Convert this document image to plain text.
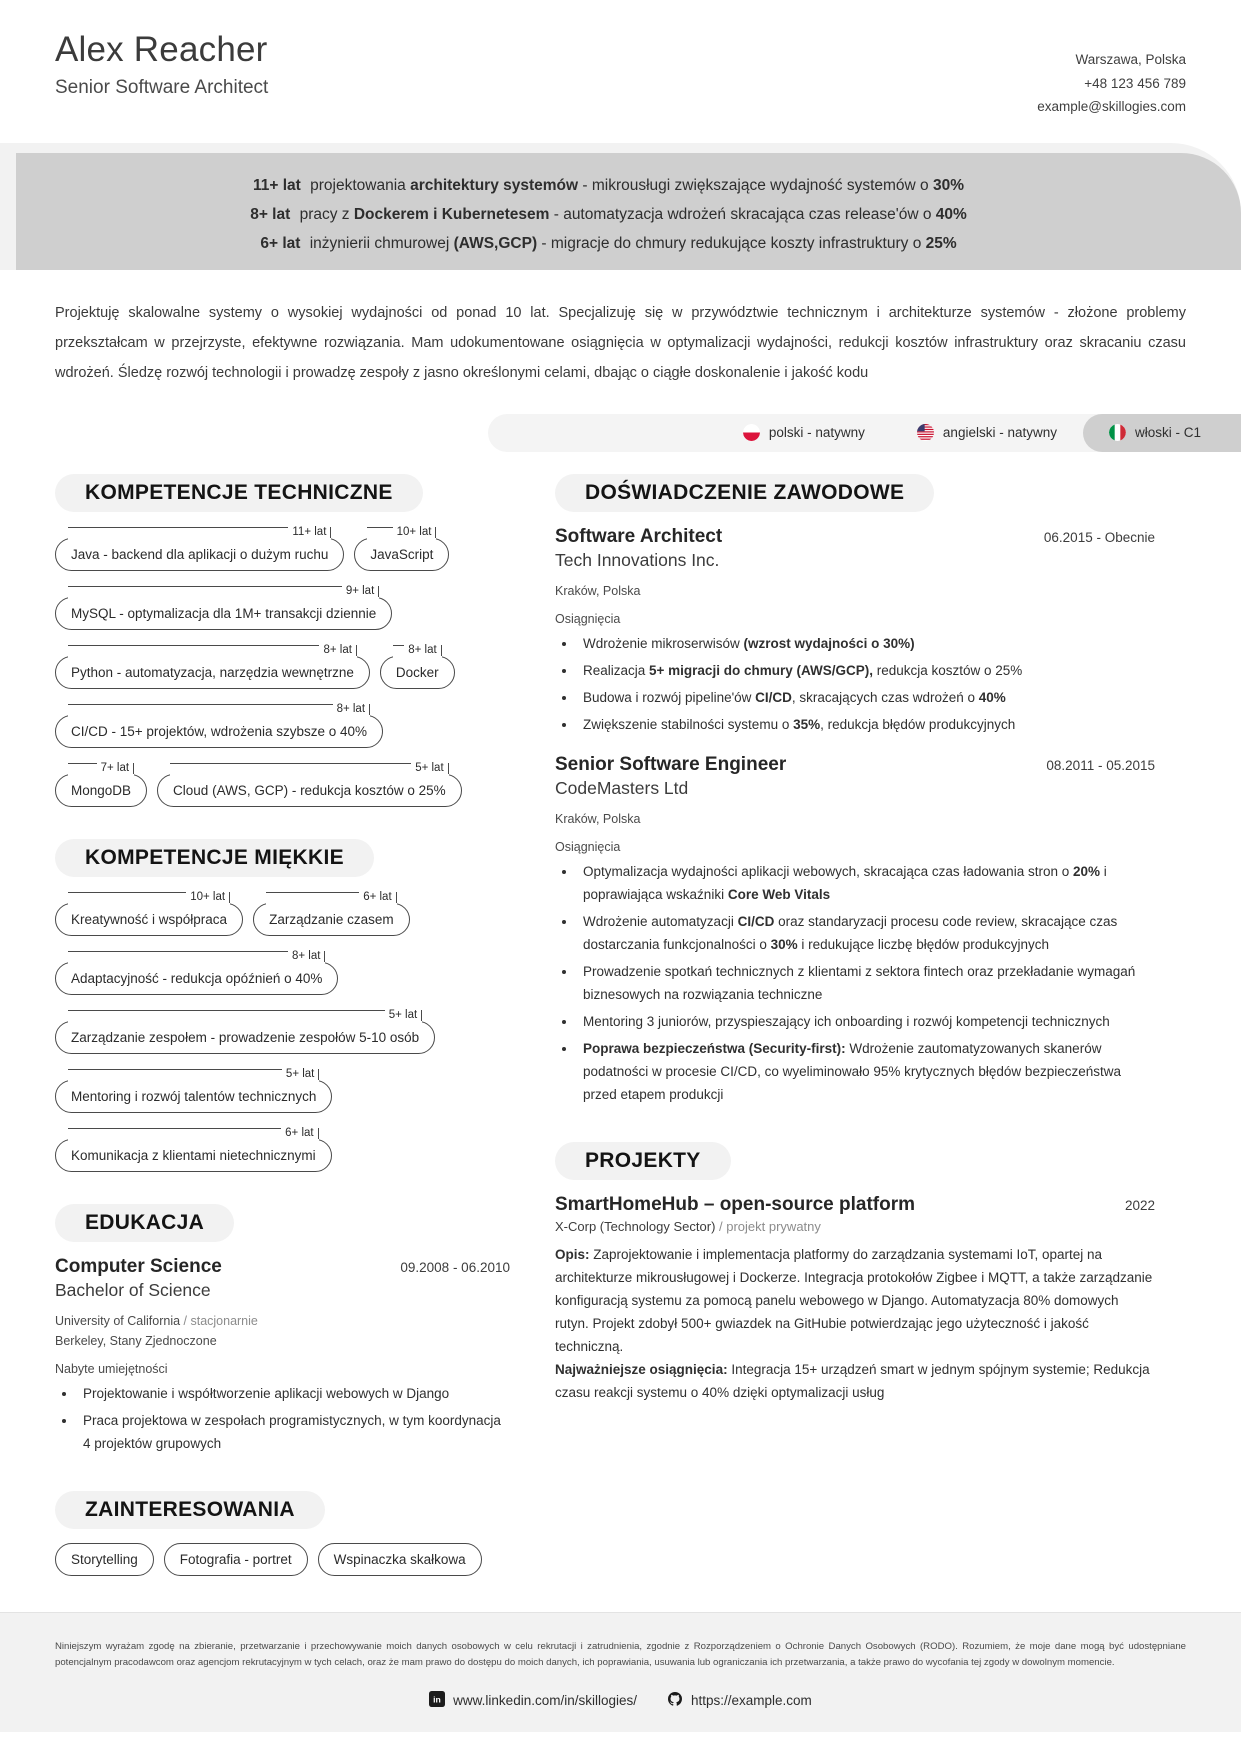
Alex Reacher
Senior Software Architect
Warszawa, Polska
+48 123 456 789
example@skillogies.com
11+ lat projektowania architektury systemów - mikrousługi zwiększające wydajność systemów o 30%
8+ lat pracy z Dockerem i Kubernetesem - automatyzacja wdrożeń skracająca czas release'ów o 40%
6+ lat inżynierii chmurowej (AWS,GCP) - migracje do chmury redukujące koszty infrastruktury o 25%
Projektuję skalowalne systemy o wysokiej wydajności od ponad 10 lat. Specjalizuję się w przywództwie technicznym i architekturze systemów - złożone problemy przekształcam w przejrzyste, efektywne rozwiązania. Mam udokumentowane osiągnięcia w optymalizacji wydajności, redukcji kosztów infrastruktury oraz skracaniu czasu wdrożeń. Śledzę rozwój technologii i prowadzę zespoły z jasno określonymi celami, dbając o ciągłe doskonalenie i jakość kodu
polski - natywny	angielski - natywny	włoski - C1
KOMPETENCJE TECHNICZNE
11+ lat
Java - backend dla aplikacji o dużym ruchu
10+ lat
JavaScript
9+ lat
MySQL - optymalizacja dla 1M+ transakcji dziennie
8+ lat
Python - automatyzacja, narzędzia wewnętrzne
8+ lat
Docker
8+ lat
CI/CD - 15+ projektów, wdrożenia szybsze o 40%
7+ lat
MongoDB
5+ lat
Cloud (AWS, GCP) - redukcja kosztów o 25%
KOMPETENCJE MIĘKKIE
10+ lat
Kreatywność i współpraca
6+ lat
Zarządzanie czasem
8+ lat
Adaptacyjność - redukcja opóźnień o 40%
5+ lat
Zarządzanie zespołem - prowadzenie zespołów 5-10 osób
5+ lat
Mentoring i rozwój talentów technicznych
6+ lat
Komunikacja z klientami nietechnicznymi
EDUKACJA
Computer Science	09.2008 - 06.2010
Bachelor of Science
University of California / stacjonarnie
Berkeley, Stany Zjednoczone
Nabyte umiejętności
• Projektowanie i współtworzenie aplikacji webowych w Django
• Praca projektowa w zespołach programistycznych, w tym koordynacja 4 projektów grupowych
ZAINTERESOWANIA
Storytelling	Fotografia - portret	Wspinaczka skałkowa
DOŚWIADCZENIE ZAWODOWE
Software Architect	06.2015 - Obecnie
Tech Innovations Inc.
Kraków, Polska
Osiągnięcia
• Wdrożenie mikroserwisów (wzrost wydajności o 30%)
• Realizacja 5+ migracji do chmury (AWS/GCP), redukcja kosztów o 25%
• Budowa i rozwój pipeline'ów CI/CD, skracających czas wdrożeń o 40%
• Zwiększenie stabilności systemu o 35%, redukcja błędów produkcyjnych
Senior Software Engineer	08.2011 - 05.2015
CodeMasters Ltd
Kraków, Polska
Osiągnięcia
• Optymalizacja wydajności aplikacji webowych, skracająca czas ładowania stron o 20% i poprawiająca wskaźniki Core Web Vitals
• Wdrożenie automatyzacji CI/CD oraz standaryzacji procesu code review, skracające czas dostarczania funkcjonalności o 30% i redukujące liczbę błędów produkcyjnych
• Prowadzenie spotkań technicznych z klientami z sektora fintech oraz przekładanie wymagań biznesowych na rozwiązania techniczne
• Mentoring 3 juniorów, przyspieszający ich onboarding i rozwój kompetencji technicznych
• Poprawa bezpieczeństwa (Security-first): Wdrożenie zautomatyzowanych skanerów podatności w procesie CI/CD, co wyeliminowało 95% krytycznych błędów bezpieczeństwa przed etapem produkcji
PROJEKTY
SmartHomeHub – open-source platform	2022
X-Corp (Technology Sector) / projekt prywatny
Opis: Zaprojektowanie i implementacja platformy do zarządzania systemami IoT, opartej na architekturze mikrousługowej i Dockerze. Integracja protokołów Zigbee i MQTT, a także zarządzanie konfiguracją systemu za pomocą panelu webowego w Django. Automatyzacja 80% domowych rutyn. Projekt zdobył 500+ gwiazdek na GitHubie potwierdzając jego użyteczność i jakość techniczną.
Najważniejsze osiągnięcia: Integracja 15+ urządzeń smart w jednym spójnym systemie; Redukcja czasu reakcji systemu o 40% dzięki optymalizacji usług
Niniejszym wyrażam zgodę na zbieranie, przetwarzanie i przechowywanie moich danych osobowych w celu rekrutacji i zatrudnienia, zgodnie z Rozporządzeniem o Ochronie Danych Osobowych (RODO). Rozumiem, że moje dane mogą być udostępniane potencjalnym pracodawcom oraz agencjom rekrutacyjnym w tych celach, oraz że mam prawo do dostępu do moich danych, ich poprawiania, usuwania lub ograniczania ich przetwarzania, a także prawo do wycofania tej zgody w dowolnym momencie.
in www.linkedin.com/in/skillogies/	https://example.com
